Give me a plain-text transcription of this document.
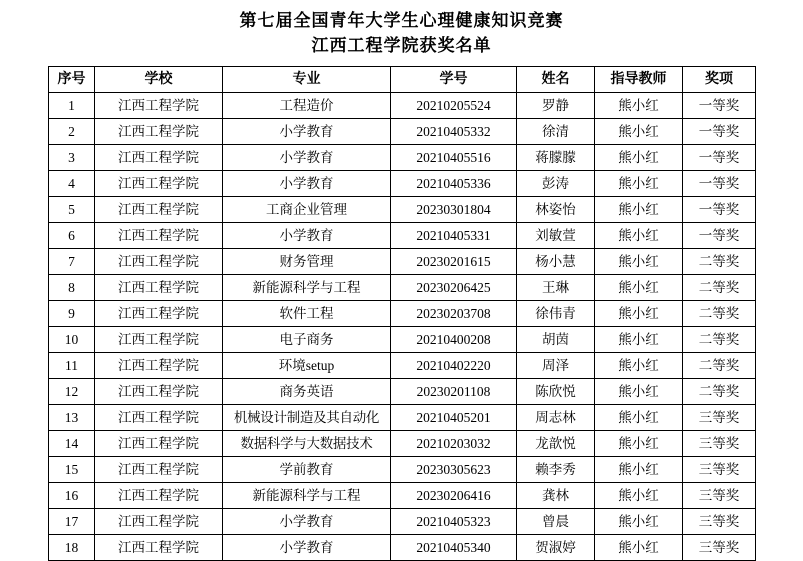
第七届全国青年大学生心理健康知识竞赛
江西工程学院获奖名单
序号	学校	专业	学号	姓名	指导教师	奖项
1	江西工程学院	工程造价	20210205524	罗静	熊小红	一等奖
2	江西工程学院	小学教育	20210405332	徐清	熊小红	一等奖
3	江西工程学院	小学教育	20210405516	蒋朦朦	熊小红	一等奖
4	江西工程学院	小学教育	20210405336	彭涛	熊小红	一等奖
5	江西工程学院	工商企业管理	20230301804	林姿怡	熊小红	一等奖
6	江西工程学院	小学教育	20210405331	刘敏萱	熊小红	一等奖
7	江西工程学院	财务管理	20230201615	杨小慧	熊小红	二等奖
8	江西工程学院	新能源科学与工程	20230206425	王琳	熊小红	二等奖
9	江西工程学院	软件工程	20230203708	徐伟青	熊小红	二等奖
10	江西工程学院	电子商务	20210400208	胡茵	熊小红	二等奖
11	江西工程学院	环境setup	20210402220	周泽	熊小红	二等奖
12	江西工程学院	商务英语	20230201108	陈欣悦	熊小红	二等奖
13	江西工程学院	机械设计制造及其自动化	20210405201	周志林	熊小红	三等奖
14	江西工程学院	数据科学与大数据技术	20210203032	龙歆悦	熊小红	三等奖
15	江西工程学院	学前教育	20230305623	赖李秀	熊小红	三等奖
16	江西工程学院	新能源科学与工程	20230206416	龚林	熊小红	三等奖
17	江西工程学院	小学教育	20210405323	曾晨	熊小红	三等奖
18	江西工程学院	小学教育	20210405340	贺淑婷	熊小红	三等奖
